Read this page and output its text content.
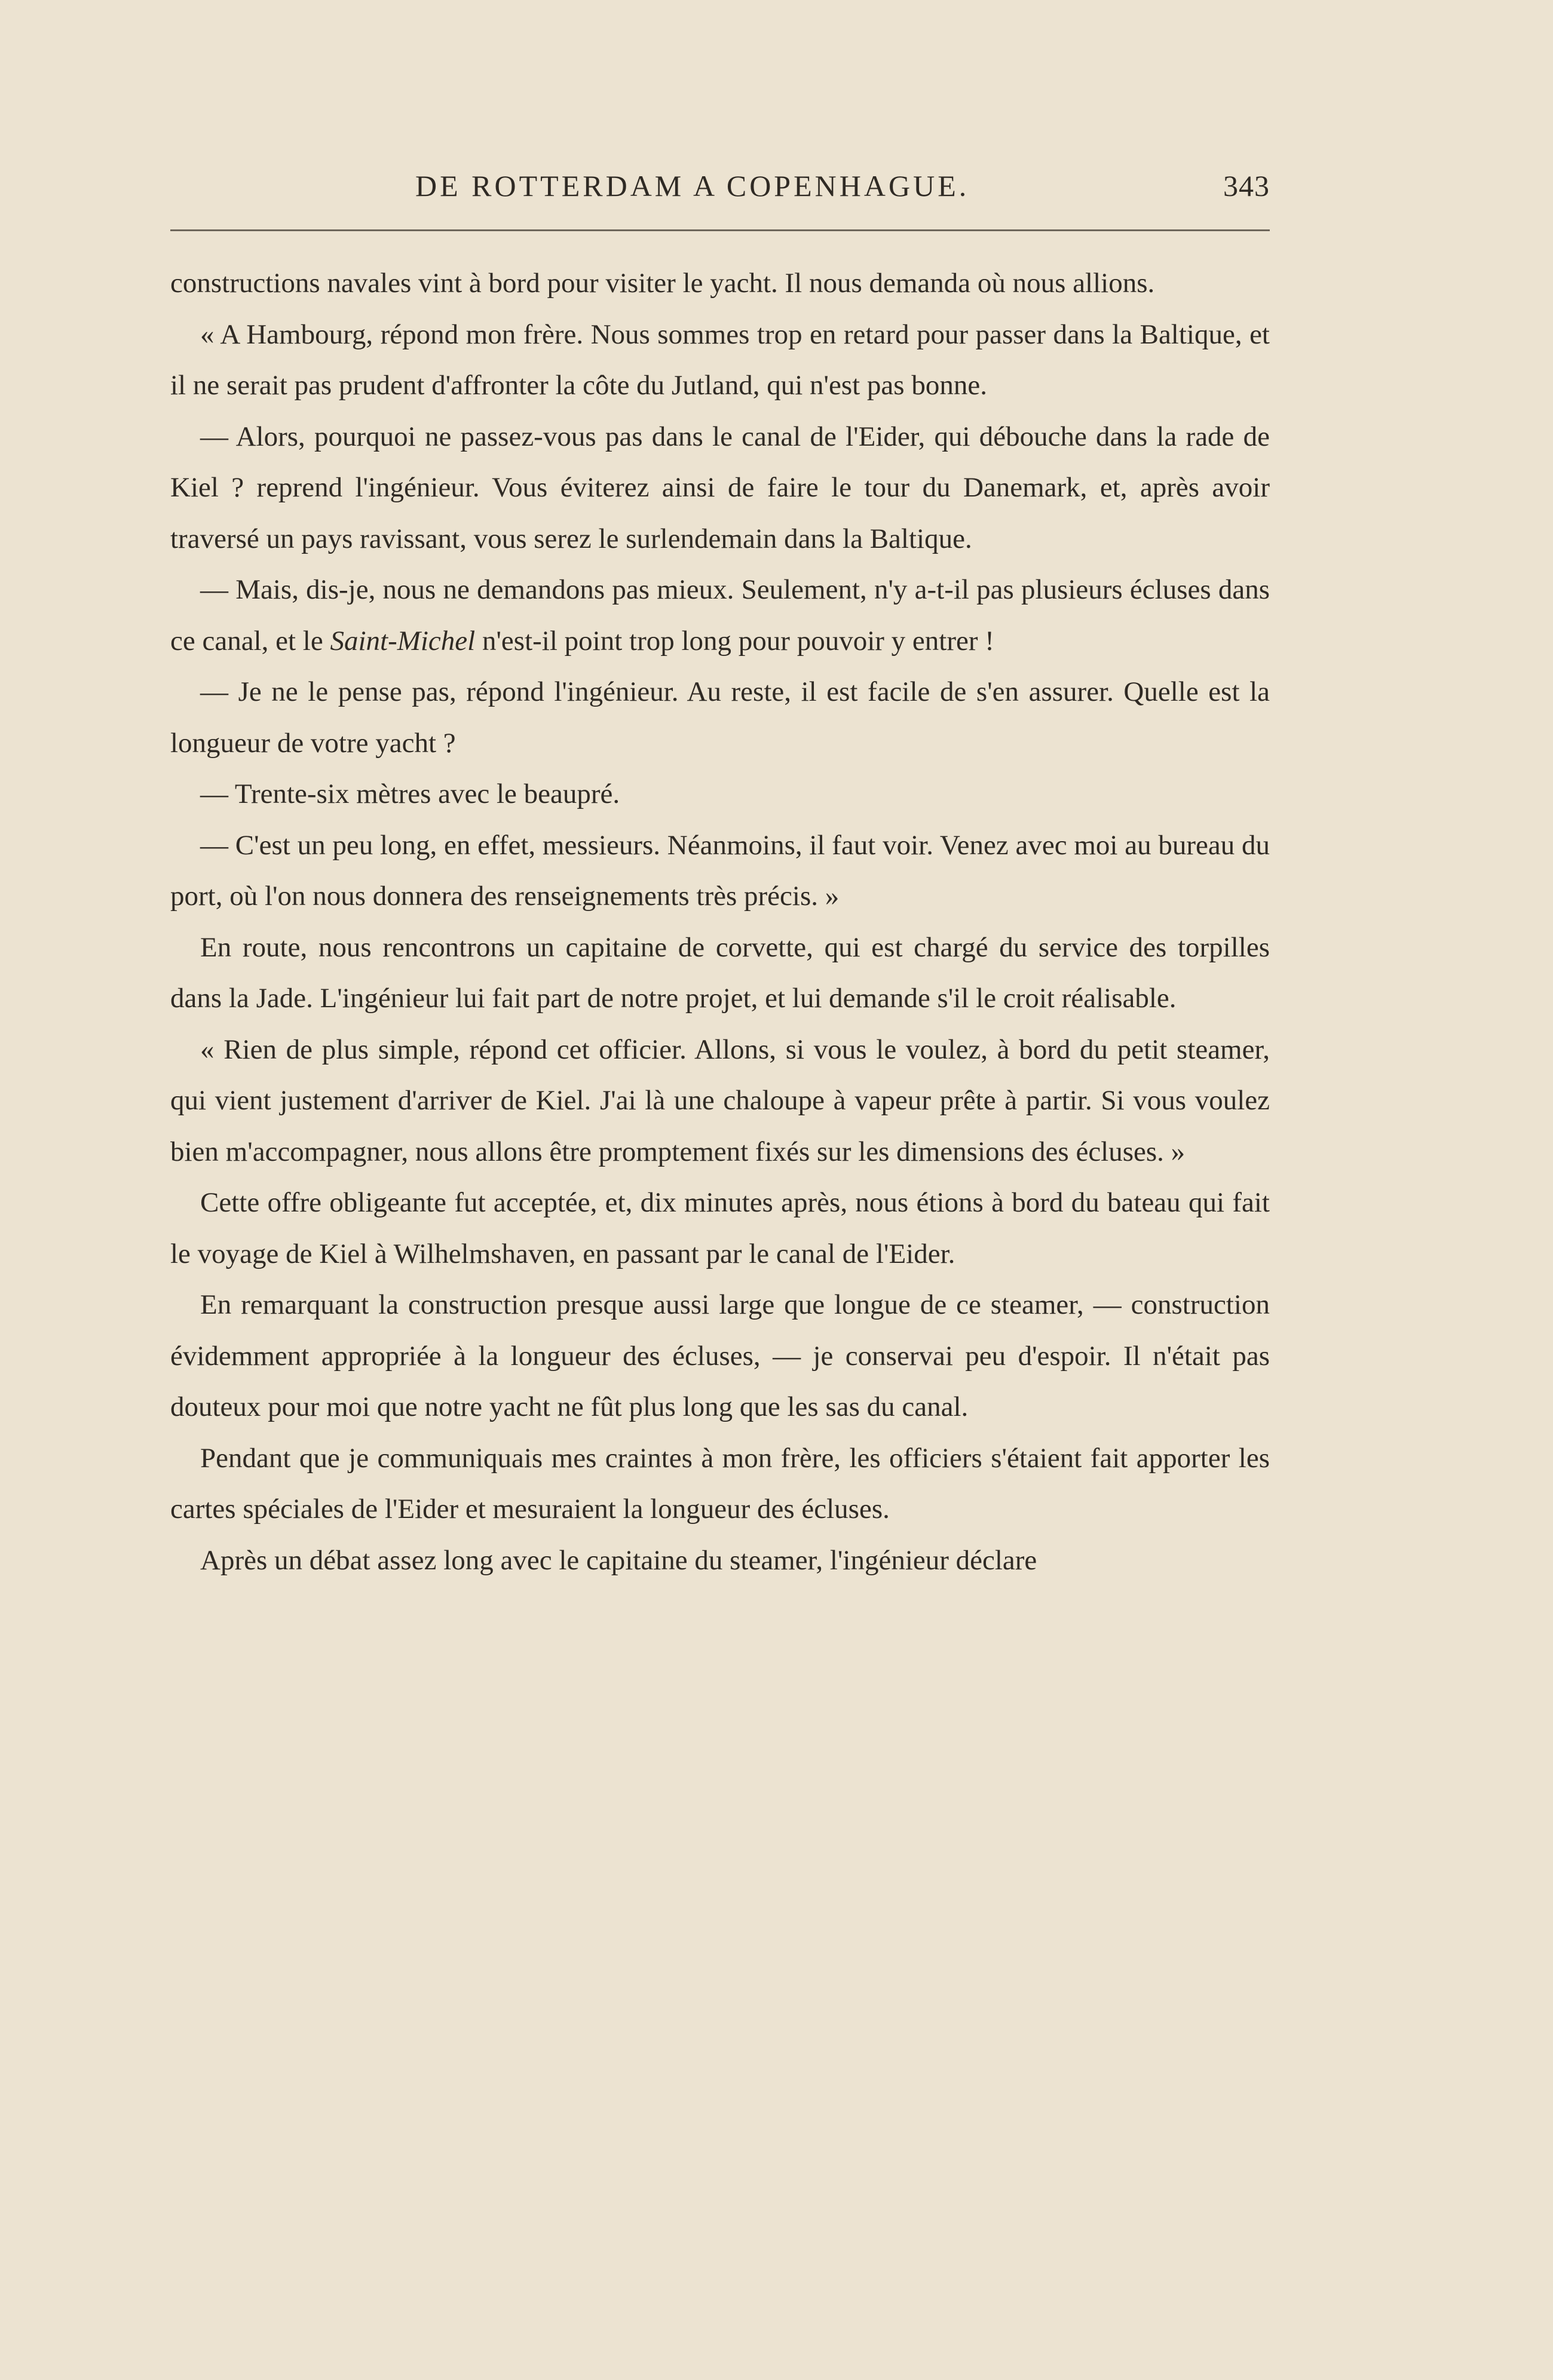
DE ROTTERDAM A COPENHAGUE.	343

constructions navales vint à bord pour visiter le yacht. Il nous demanda où nous allions.

« A Hambourg, répond mon frère. Nous sommes trop en retard pour passer dans la Baltique, et il ne serait pas prudent d'affronter la côte du Jutland, qui n'est pas bonne.

— Alors, pourquoi ne passez-vous pas dans le canal de l'Eider, qui débouche dans la rade de Kiel ? reprend l'ingénieur. Vous éviterez ainsi de faire le tour du Danemark, et, après avoir traversé un pays ravissant, vous serez le surlendemain dans la Baltique.

— Mais, dis-je, nous ne demandons pas mieux. Seulement, n'y a-t-il pas plusieurs écluses dans ce canal, et le Saint-Michel n'est-il point trop long pour pouvoir y entrer !

— Je ne le pense pas, répond l'ingénieur. Au reste, il est facile de s'en assurer. Quelle est la longueur de votre yacht ?

— Trente-six mètres avec le beaupré.

— C'est un peu long, en effet, messieurs. Néanmoins, il faut voir. Venez avec moi au bureau du port, où l'on nous donnera des renseignements très précis. »

En route, nous rencontrons un capitaine de corvette, qui est chargé du service des torpilles dans la Jade. L'ingénieur lui fait part de notre projet, et lui demande s'il le croit réalisable.

« Rien de plus simple, répond cet officier. Allons, si vous le voulez, à bord du petit steamer, qui vient justement d'arriver de Kiel. J'ai là une chaloupe à vapeur prête à partir. Si vous voulez bien m'accompagner, nous allons être promptement fixés sur les dimensions des écluses. »

Cette offre obligeante fut acceptée, et, dix minutes après, nous étions à bord du bateau qui fait le voyage de Kiel à Wilhelmshaven, en passant par le canal de l'Eider.

En remarquant la construction presque aussi large que longue de ce steamer, — construction évidemment appropriée à la longueur des écluses, — je conservai peu d'espoir. Il n'était pas douteux pour moi que notre yacht ne fût plus long que les sas du canal.

Pendant que je communiquais mes craintes à mon frère, les officiers s'étaient fait apporter les cartes spéciales de l'Eider et mesuraient la longueur des écluses.

Après un débat assez long avec le capitaine du steamer, l'ingénieur déclare
